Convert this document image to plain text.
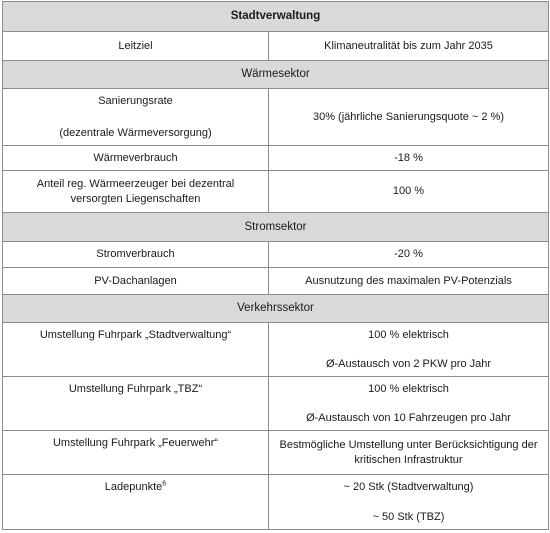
Stadtverwaltung	
Leitziel	Klimaneutralität bis zum Jahr 2035
Wärmesektor	

Sanierungsrate
(dezentrale Wärmeversorgung)	30% (jährliche Sanierungsquote ~ 2 %)
Wärmeverbrauch	-18 %

Anteil reg. Wärmeerzeuger bei dezentral
versorgten Liegenschaften	100 %
Stromsektor	
Stromverbrauch	-20 %
PV-Dachanlagen	Ausnutzung des maximalen PV-Potenzials
Verkehrssektor	
Umstellung Fuhrpark „Stadtverwaltung“	100 % elektrisch
Ø-Austausch von 2 PKW pro Jahr

Umstellung Fuhrpark „TBZ“	100 % elektrisch
Ø-Austausch von 10 Fahrzeugen pro Jahr

Umstellung Fuhrpark „Feuerwehr“	Bestmögliche Umstellung unter Berücksichtigung der
kritischen Infrastruktur

Ladepunkte$^6$	~ 20 Stk (Stadtverwaltung)
~ 50 Stk (TBZ)
